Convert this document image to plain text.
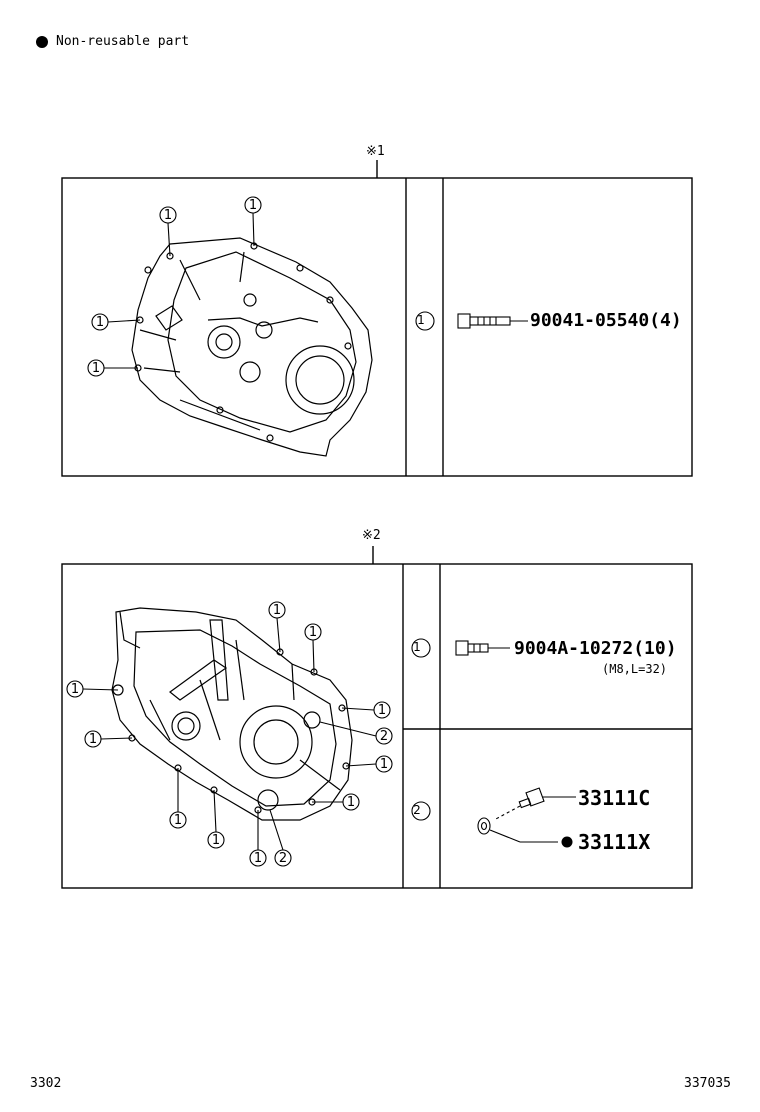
Non-reusable part
※1
※2
1
1
1
1
1
1
1
1
1	2
1
1
1
1
1 2
1	90041-05540(4)
1	9004A-10272(10)
(M8,L=32)
2	33111C
33111X
3302	337035
